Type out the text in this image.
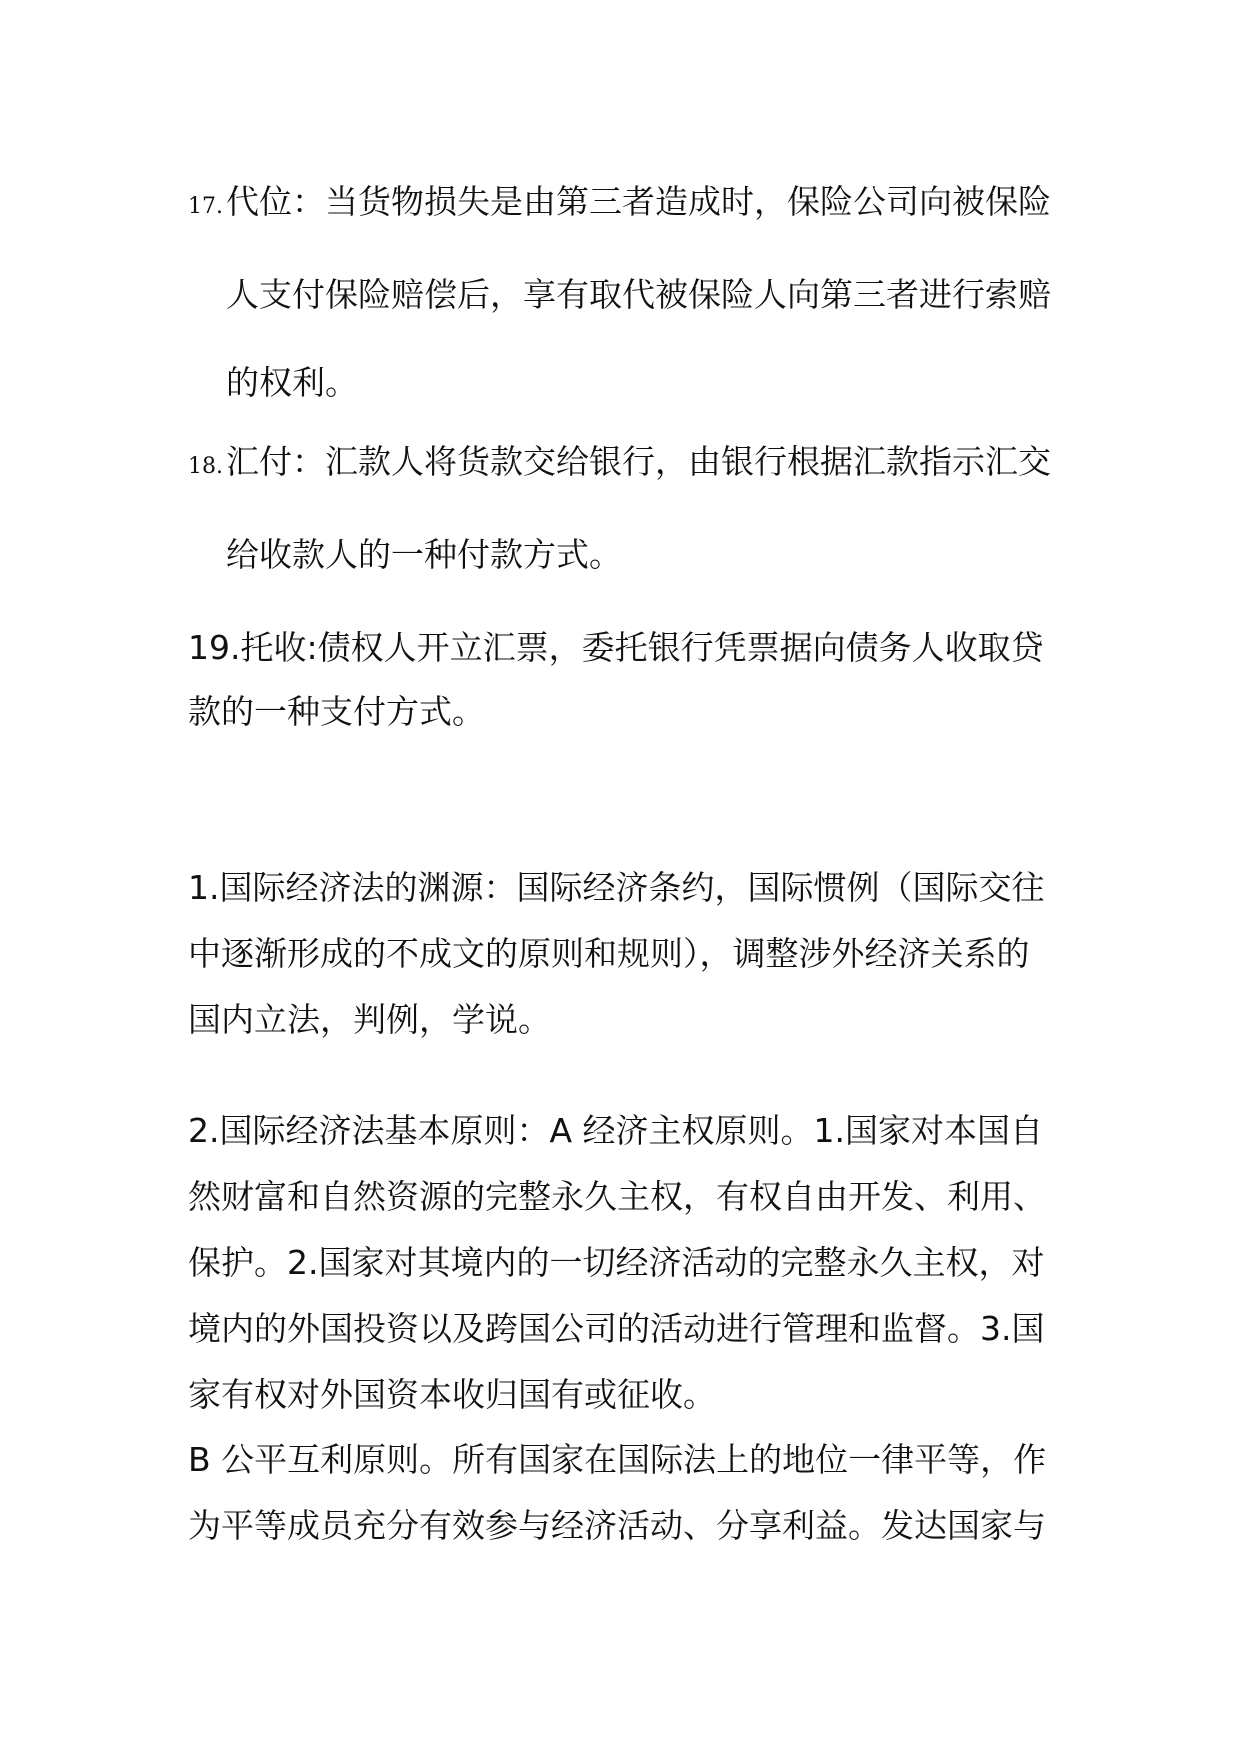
17.代位：当货物损失是由第三者造成时，保险公司向被保险
人支付保险赔偿后，享有取代被保险人向第三者进行索赔
的权利。

18.汇付：汇款人将货款交给银行，由银行根据汇款指示汇交
给收款人的一种付款方式。

19.托收:债权人开立汇票，委托银行凭票据向债务人收取贷
款的一种支付方式。

1.国际经济法的渊源：国际经济条约，国际惯例（国际交往
中逐渐形成的不成文的原则和规则），调整涉外经济关系的
国内立法，判例，学说。

2.国际经济法基本原则：A 经济主权原则。1.国家对本国自
然财富和自然资源的完整永久主权，有权自由开发、利用、
保护。2.国家对其境内的一切经济活动的完整永久主权，对
境内的外国投资以及跨国公司的活动进行管理和监督。3.国
家有权对外国资本收归国有或征收。

B 公平互利原则。所有国家在国际法上的地位一律平等，作
为平等成员充分有效参与经济活动、分享利益。发达国家与
